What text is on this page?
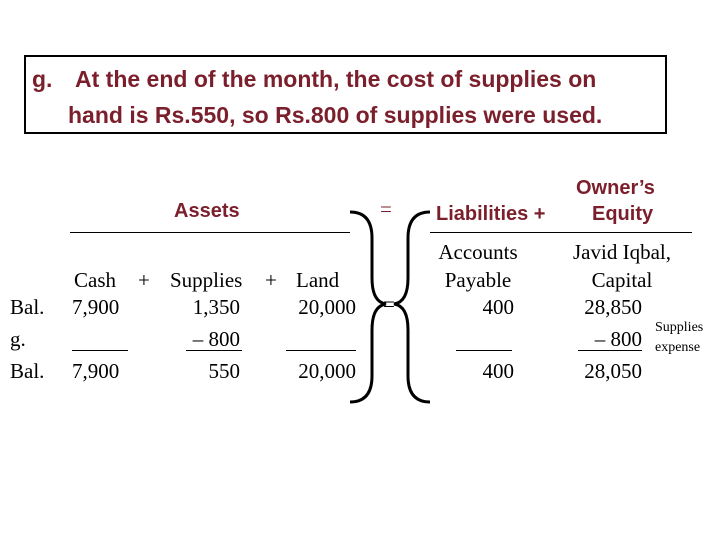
g. At the end of the month, the cost of supplies on
hand is Rs.550, so Rs.800 of supplies were used.
Assets	= Liabilities +
Owner’s
Equity
Cash + Supplies + Land
Accounts
Payable
Javid Iqbal,
Capital
Bal.
g.
Bal.
7,900
7,900
1,350
– 800
550
20,000
20,000
400
400
28,850
– 800
28,050
Supplies
expense
=
